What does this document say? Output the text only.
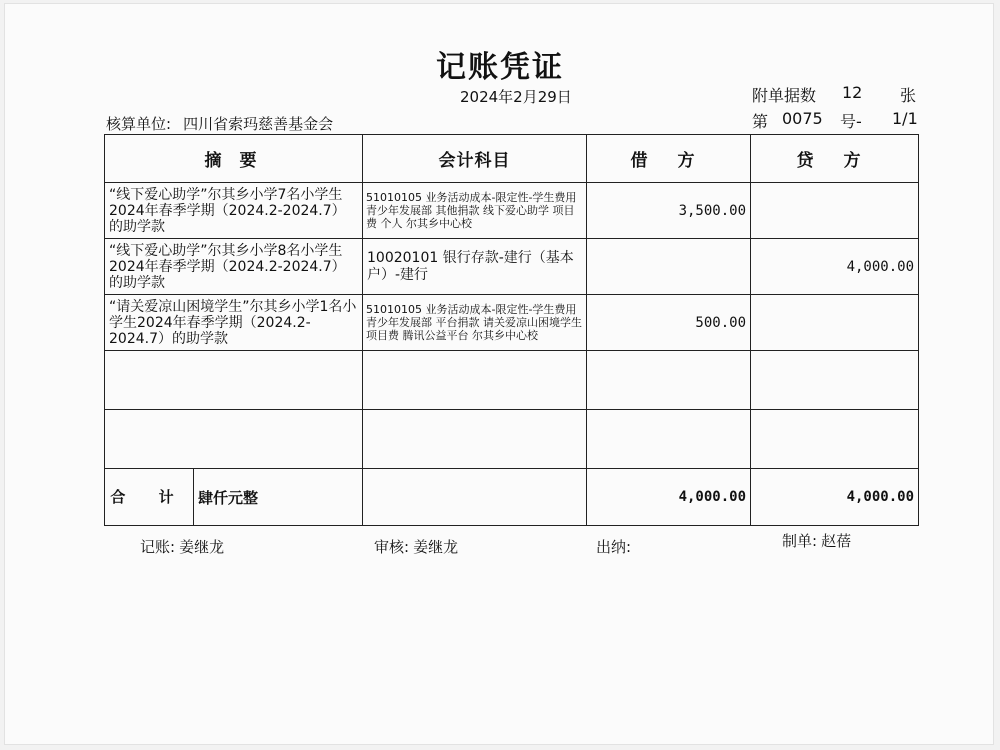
记账凭证
2024年2月29日	附单据数 12 张
第 0075 号- 1/1
核算单位: 四川省索玛慈善基金会
摘 要	会计科目	借 方	贷 方
“线下爱心助学”尔其乡小学7名小学生2024年春季学期（2024.2-2024.7）的助学款	51010105 业务活动成本-限定性-学生费用 青少年发展部 其他捐款 线下爱心助学 项目费 个人 尔其乡中心校	3,500.00	
“线下爱心助学”尔其乡小学8名小学生2024年春季学期（2024.2-2024.7）的助学款	10020101 银行存款-建行（基本户）-建行		4,000.00
“请关爱凉山困境学生”尔其乡小学1名小学生2024年春季学期（2024.2-2024.7）的助学款	51010105 业务活动成本-限定性-学生费用 青少年发展部 平台捐款 请关爱凉山困境学生 项目费 腾讯公益平台 尔其乡中心校	500.00	

合 计 肆仟元整		4,000.00	4,000.00
记账: 姜继龙	审核: 姜继龙	出纳:	制单: 赵蓓
